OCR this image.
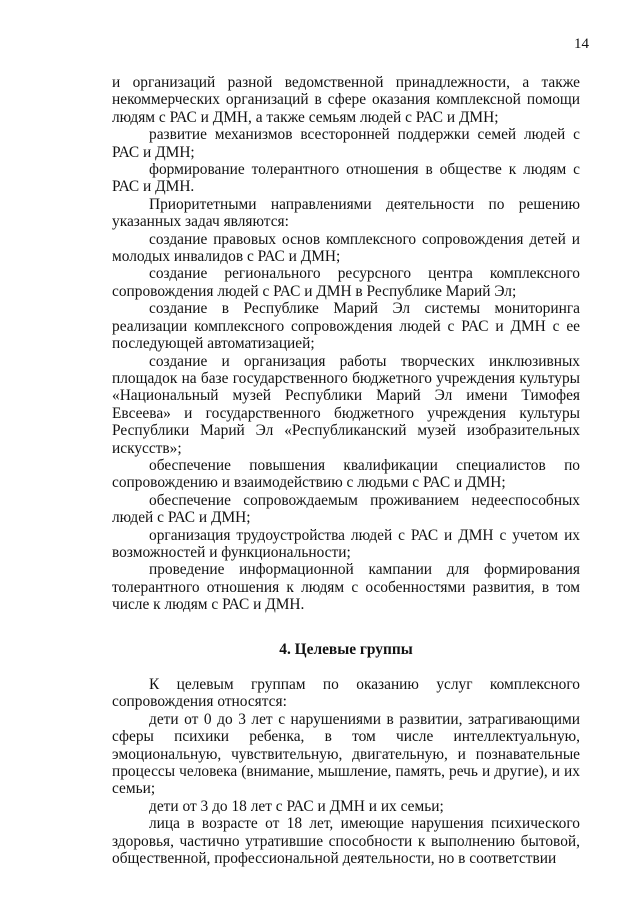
14

и организаций разной ведомственной принадлежности, а также некоммерческих организаций в сфере оказания комплексной помощи людям с РАС и ДМН, а также семьям людей с РАС и ДМН;

развитие механизмов всесторонней поддержки семей людей с РАС и ДМН;

формирование толерантного отношения в обществе к людям с РАС и ДМН.

Приоритетными направлениями деятельности по решению указанных задач являются:

создание правовых основ комплексного сопровождения детей и молодых инвалидов с РАС и ДМН;

создание регионального ресурсного центра комплексного сопровождения людей с РАС и ДМН в Республике Марий Эл;

создание в Республике Марий Эл системы мониторинга реализации комплексного сопровождения людей с РАС и ДМН с ее последующей автоматизацией;

создание и организация работы творческих инклюзивных площадок на базе государственного бюджетного учреждения культуры «Национальный музей Республики Марий Эл имени Тимофея Евсеева» и государственного бюджетного учреждения культуры Республики Марий Эл «Республиканский музей изобразительных искусств»;

обеспечение повышения квалификации специалистов по сопровождению и взаимодействию с людьми с РАС и ДМН;

обеспечение сопровождаемым проживанием недееспособных людей с РАС и ДМН;

организация трудоустройства людей с РАС и ДМН с учетом их возможностей и функциональности;

проведение информационной кампании для формирования толерантного отношения к людям с особенностями развития, в том числе к людям с РАС и ДМН.

4. Целевые группы

К целевым группам по оказанию услуг комплексного сопровождения относятся:

дети от 0 до 3 лет с нарушениями в развитии, затрагивающими сферы психики ребенка, в том числе интеллектуальную, эмоциональную, чувствительную, двигательную, и познавательные процессы человека (внимание, мышление, память, речь и другие), и их семьи;

дети от 3 до 18 лет с РАС и ДМН и их семьи;

лица в возрасте от 18 лет, имеющие нарушения психического здоровья, частично утратившие способности к выполнению бытовой, общественной, профессиональной деятельности, но в соответствии
